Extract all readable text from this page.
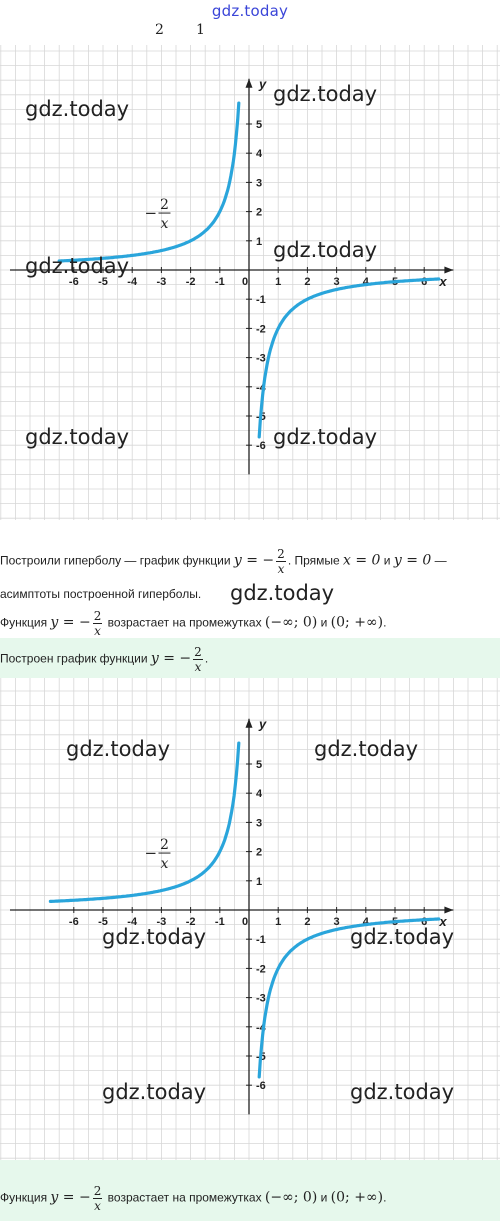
gdz.today
2 1
-6 -5 -4 -3 -2 -1 0 1 2 3 4 5 6
-6
-5
-4
-3
-2
-1
1
2
3
4
5
x
y
− 2
x
gdz.today
gdz.today
gdz.today
gdz.today
gdz.today	gdz.today
Построили гиперболу — график функции y = − $\frac{2}{x}$ . Прямые x = 0 и y = 0 —
асимптоты построенной гиперболы.	gdz.today
Функция y = − $\frac{2}{x}$ возрастает на промежутках (−∞; 0) и (0; +∞).
Построен график функции y = − $\frac{2}{x}$ .
-6 -5 -4 -3 -2 -1 0 1 2 3 4 5 6
-6
-5
-4
-3
-2
-1
1
2
3
4
5
x
y
− 2
x
gdz.today	gdz.today
gdz.today	gdz.today
gdz.today	gdz.today
Функция y = − $\frac{2}{x}$ возрастает на промежутках (−∞; 0) и (0; +∞).
